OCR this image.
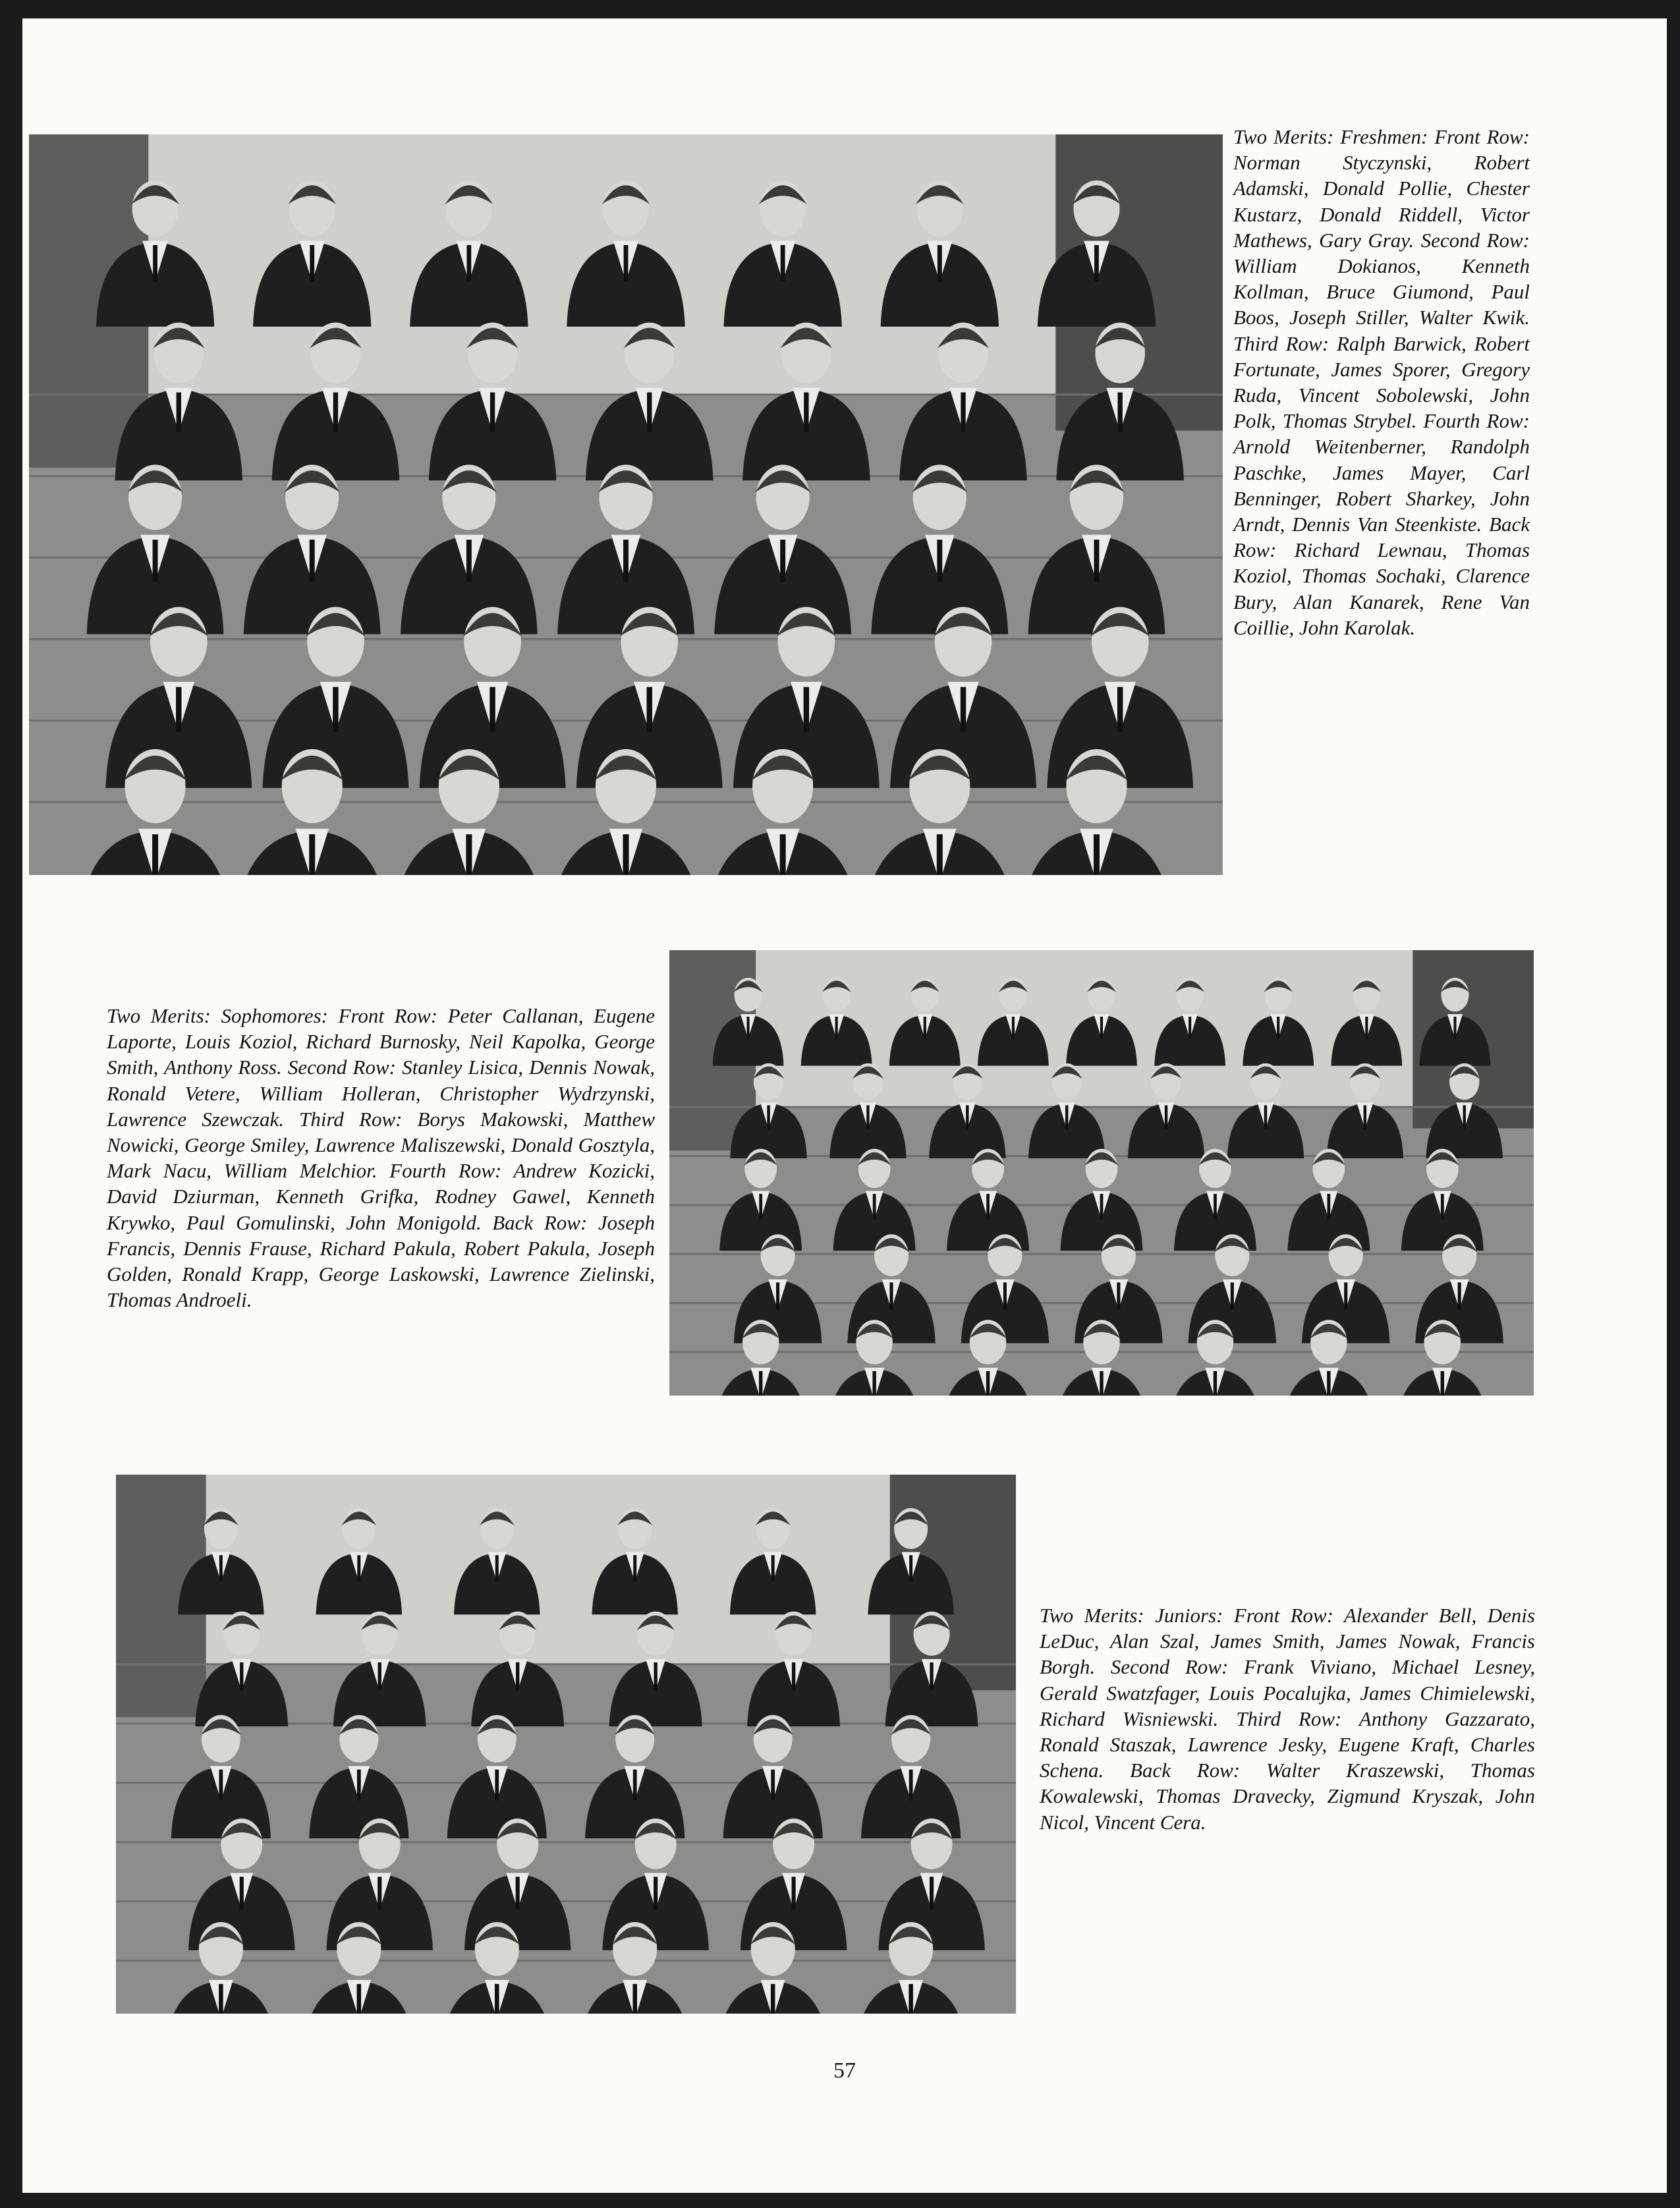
Two Merits: Freshmen: Front Row: Norman Styczynski, Robert Adamski, Donald Pollie, Chester Kustarz, Donald Riddell, Victor Mathews, Gary Gray. Second Row: William Dokianos, Kenneth Kollman, Bruce Giumond, Paul Boos, Joseph Stiller, Walter Kwik. Third Row: Ralph Barwick, Robert Fortunate, James Sporer, Gregory Ruda, Vincent Sobolewski, John Polk, Thomas Strybel. Fourth Row: Arnold Weitenberner, Randolph Paschke, James Mayer, Carl Benninger, Robert Sharkey, John Arndt, Dennis Van Steenkiste. Back Row: Richard Lewnau, Thomas Koziol, Thomas Sochaki, Clarence Bury, Alan Kanarek, Rene Van Coillie, John Karolak.

Two Merits: Sophomores: Front Row: Peter Callanan, Eugene Laporte, Louis Koziol, Richard Burnosky, Neil Kapolka, George Smith, Anthony Ross. Second Row: Stanley Lisica, Dennis Nowak, Ronald Vetere, William Holleran, Christopher Wydrzynski, Lawrence Szewczak. Third Row: Borys Makowski, Matthew Nowicki, George Smiley, Lawrence Maliszewski, Donald Gosztyla, Mark Nacu, William Melchior. Fourth Row: Andrew Kozicki, David Dziurman, Kenneth Grifka, Rodney Gawel, Kenneth Krywko, Paul Gomulinski, John Monigold. Back Row: Joseph Francis, Dennis Frause, Richard Pakula, Robert Pakula, Joseph Golden, Ronald Krapp, George Laskowski, Lawrence Zielinski, Thomas Androeli.

Two Merits: Juniors: Front Row: Alexander Bell, Denis LeDuc, Alan Szal, James Smith, James Nowak, Francis Borgh. Second Row: Frank Viviano, Michael Lesney, Gerald Swatzfager, Louis Pocalujka, James Chimielewski, Richard Wisniewski. Third Row: Anthony Gazzarato, Ronald Staszak, Lawrence Jesky, Eugene Kraft, Charles Schena. Back Row: Walter Kraszewski, Thomas Kowalewski, Thomas Dravecky, Zigmund Kryszak, John Nicol, Vincent Cera.

57
